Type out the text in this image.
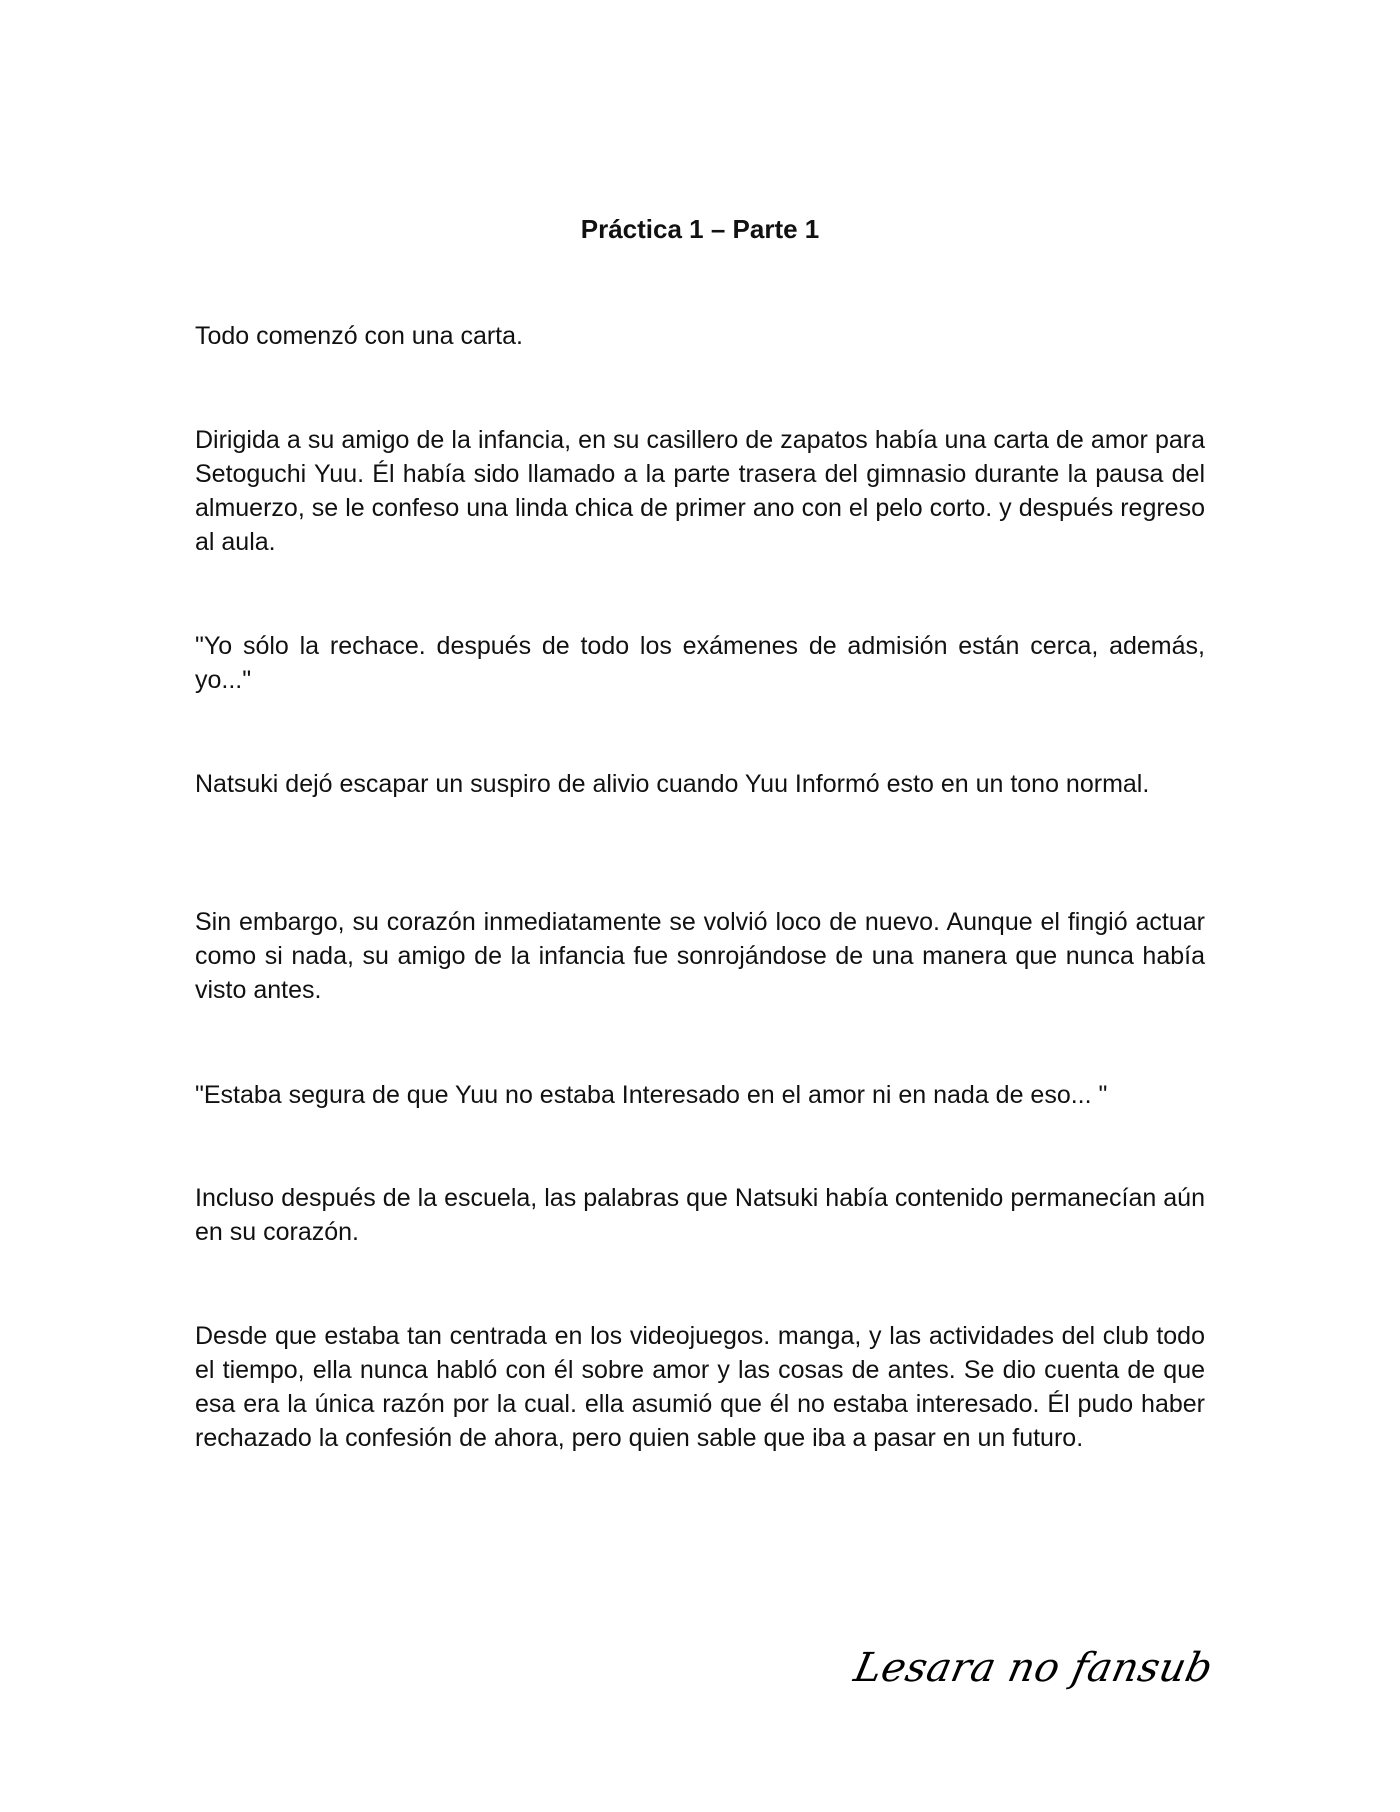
Práctica 1 – Parte 1

Todo comenzó con una carta.

Dirigida a su amigo de la infancia, en su casillero de zapatos había una carta de amor para Setoguchi Yuu. Él había sido llamado a la parte trasera del gimnasio durante la pausa del almuerzo, se le confeso una linda chica de primer ano con el pelo corto. y después regreso al aula.

"Yo sólo la rechace. después de todo los exámenes de admisión están cerca, además, yo..."

Natsuki dejó escapar un suspiro de alivio cuando Yuu Informó esto en un tono normal.

Sin embargo, su corazón inmediatamente se volvió loco de nuevo. Aunque el fingió actuar como si nada, su amigo de la infancia fue sonrojándose de una manera que nunca había visto antes.

"Estaba segura de que Yuu no estaba Interesado en el amor ni en nada de eso... "

Incluso después de la escuela, las palabras que Natsuki había contenido permanecían aún en su corazón.

Desde que estaba tan centrada en los videojuegos. manga, y las actividades del club todo el tiempo, ella nunca habló con él sobre amor y las cosas de antes. Se dio cuenta de que esa era la única razón por la cual. ella asumió que él no estaba interesado. Él pudo haber rechazado la confesión de ahora, pero quien sable que iba a pasar en un futuro.

Lesara no fansub
